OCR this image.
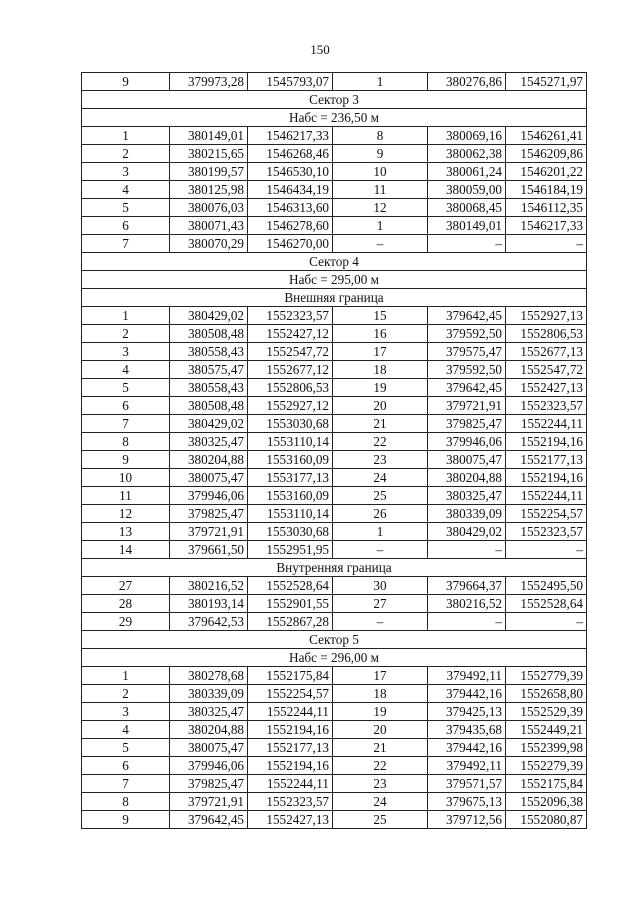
150
9	379973,28	1545793,07	1	380276,86	1545271,97
Сектор 3					
Набс = 236,50 м					
1	380149,01	1546217,33	8	380069,16	1546261,41
2	380215,65	1546268,46	9	380062,38	1546209,86
3	380199,57	1546530,10	10	380061,24	1546201,22
4	380125,98	1546434,19	11	380059,00	1546184,19
5	380076,03	1546313,60	12	380068,45	1546112,35
6	380071,43	1546278,60	1	380149,01	1546217,33
7	380070,29	1546270,00	–	–	–
Сектор 4					
Набс = 295,00 м					
Внешняя граница					
1	380429,02	1552323,57	15	379642,45	1552927,13
2	380508,48	1552427,12	16	379592,50	1552806,53
3	380558,43	1552547,72	17	379575,47	1552677,13
4	380575,47	1552677,12	18	379592,50	1552547,72
5	380558,43	1552806,53	19	379642,45	1552427,13
6	380508,48	1552927,12	20	379721,91	1552323,57
7	380429,02	1553030,68	21	379825,47	1552244,11
8	380325,47	1553110,14	22	379946,06	1552194,16
9	380204,88	1553160,09	23	380075,47	1552177,13
10	380075,47	1553177,13	24	380204,88	1552194,16
11	379946,06	1553160,09	25	380325,47	1552244,11
12	379825,47	1553110,14	26	380339,09	1552254,57
13	379721,91	1553030,68	1	380429,02	1552323,57
14	379661,50	1552951,95	–	–	–
Внутренняя граница					
27	380216,52	1552528,64	30	379664,37	1552495,50
28	380193,14	1552901,55	27	380216,52	1552528,64
29	379642,53	1552867,28	–	–	–
Сектор 5					
Набс = 296,00 м					
1	380278,68	1552175,84	17	379492,11	1552779,39
2	380339,09	1552254,57	18	379442,16	1552658,80
3	380325,47	1552244,11	19	379425,13	1552529,39
4	380204,88	1552194,16	20	379435,68	1552449,21
5	380075,47	1552177,13	21	379442,16	1552399,98
6	379946,06	1552194,16	22	379492,11	1552279,39
7	379825,47	1552244,11	23	379571,57	1552175,84
8	379721,91	1552323,57	24	379675,13	1552096,38
9	379642,45	1552427,13	25	379712,56	1552080,87
